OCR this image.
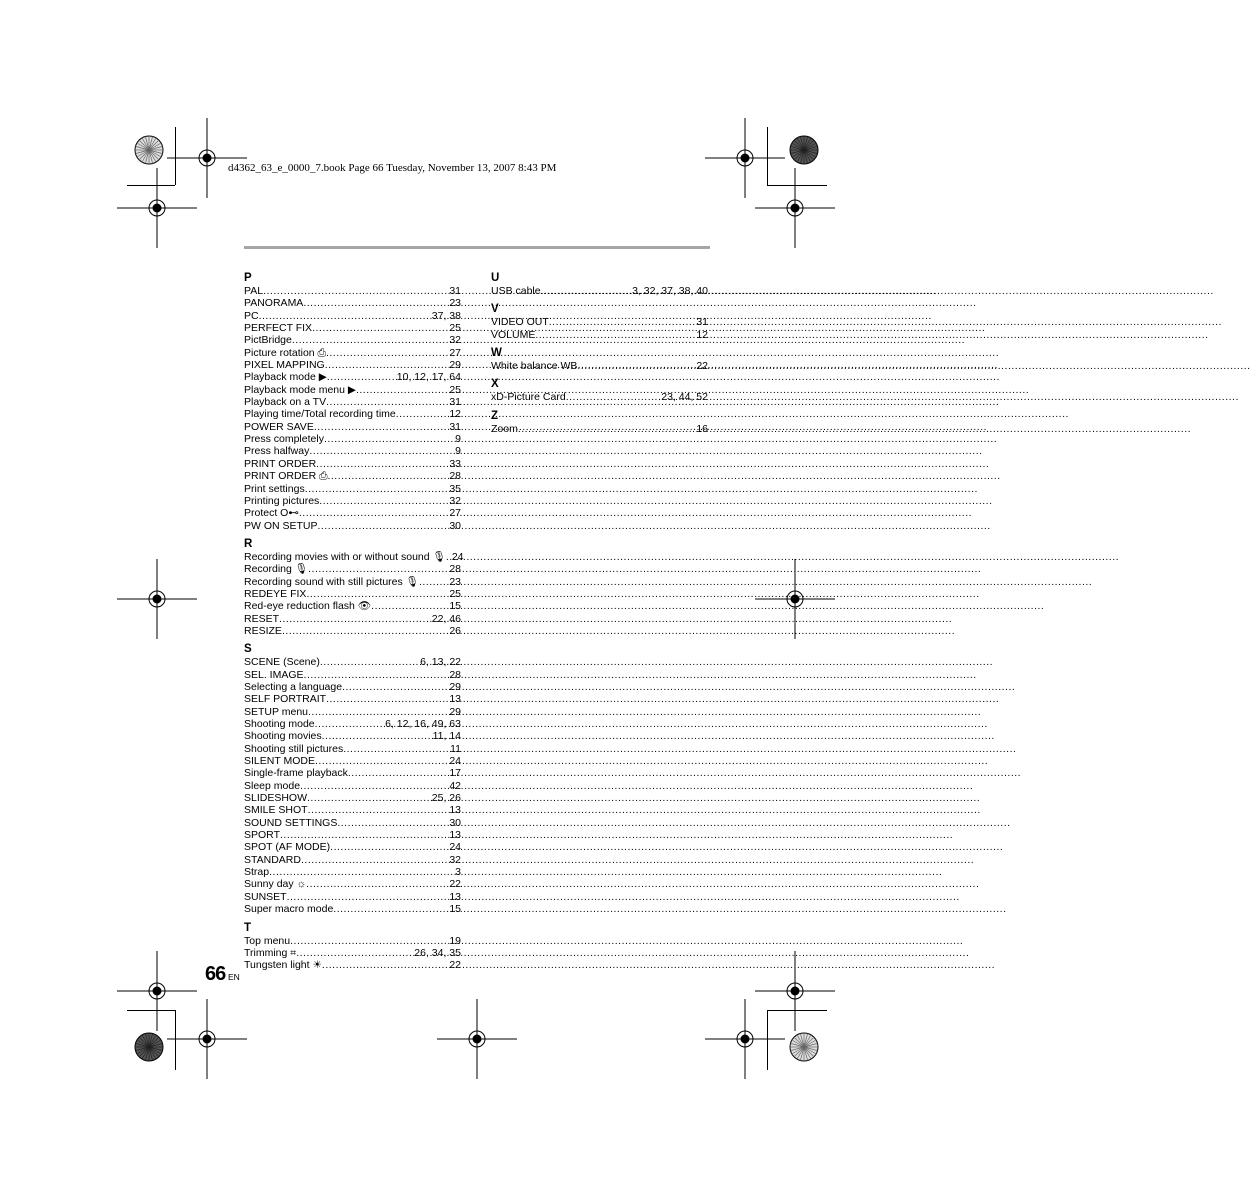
d4362_63_e_0000_7.book Page 66 Tuesday, November 13, 2007 8:43 PM
P
PAL .....	31
PANORAMA .....	23
PC .....	37, 38
PERFECT FIX .....	25
PictBridge .....	32
Picture rotation ⎙ .....	27
PIXEL MAPPING .....	29
Playback mode ▶ .....	10, 12, 17, 64
Playback mode menu ▶ .....	25
Playback on a TV .....	31
Playing time/Total recording time .....	12
POWER SAVE .....	31
Press completely .....	9
Press halfway .....	9
PRINT ORDER .....	33
PRINT ORDER ⎙ .....	28
Print settings .....	35
Printing pictures .....	32
Protect O⊷ .....	27
PW ON SETUP .....	30
R
Recording movies with or without sound 🎙 ..... 24
Recording 🎙 .....	28
Recording sound with still pictures 🎙 .....	23
REDEYE FIX .....	25
Red-eye reduction flash 👁 .....	15
RESET .....	22, 46
RESIZE .....	26
S
SCENE (Scene) .....	6, 13, 22
SEL. IMAGE .....	28
Selecting a language .....	29
SELF PORTRAIT .....	13
SETUP menu .....	29
Shooting mode .....	6, 12, 16, 49, 63
Shooting movies .....	11, 14
Shooting still pictures .....	11
SILENT MODE .....	24
Single-frame playback .....	17
Sleep mode .....	42
SLIDESHOW .....	25, 26
SMILE SHOT .....	13
SOUND SETTINGS .....	30
SPORT .....	13
SPOT (AF MODE) .....	24
STANDARD .....	32
Strap .....	3
Sunny day ☼ .....	22
SUNSET .....	13
Super macro mode .....	15
T
Top menu .....	19
Trimming ⌗ .....	26, 34, 35
Tungsten light ☀ .....	22
U
USB cable .....	3, 32, 37, 38, 40
V
VIDEO OUT .....	31
VOLUME .....	12
W
White balance WB .....	22
X
xD-Picture Card .....	23, 44, 52
Z
Zoom .....	16
66 EN
